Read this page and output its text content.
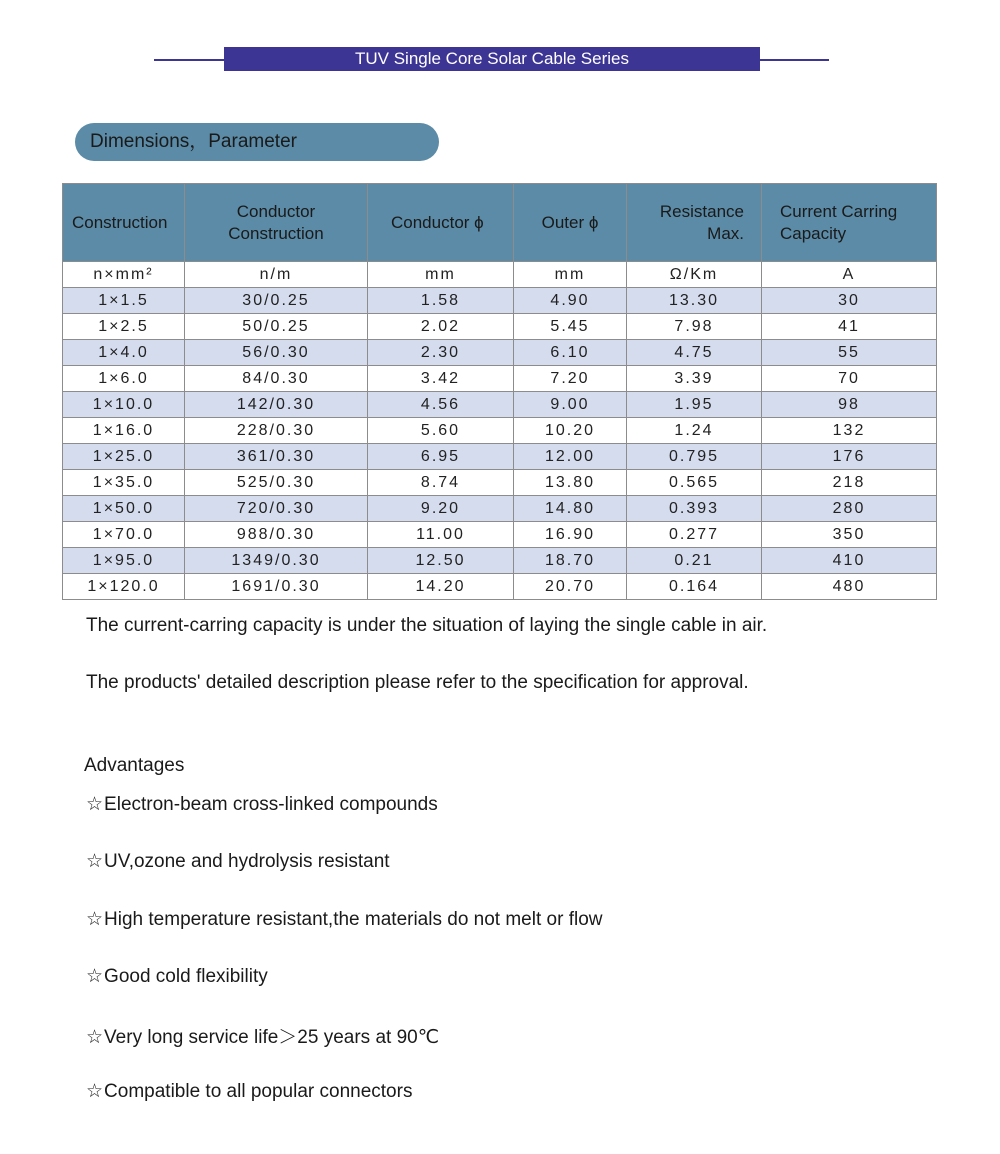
TUV Single Core Solar Cable Series
Dimensions，Parameter
Construction	Conductor Construction	Conductor ϕ	Outer ϕ	Resistance Max.	Current Carring Capacity
n×mm²	n/m	mm	mm	Ω/Km	A
1×1.5	30/0.25	1.58	4.90	13.30	30
1×2.5	50/0.25	2.02	5.45	7.98	41
1×4.0	56/0.30	2.30	6.10	4.75	55
1×6.0	84/0.30	3.42	7.20	3.39	70
1×10.0	142/0.30	4.56	9.00	1.95	98
1×16.0	228/0.30	5.60	10.20	1.24	132
1×25.0	361/0.30	6.95	12.00	0.795	176
1×35.0	525/0.30	8.74	13.80	0.565	218
1×50.0	720/0.30	9.20	14.80	0.393	280
1×70.0	988/0.30	11.00	16.90	0.277	350
1×95.0	1349/0.30	12.50	18.70	0.21	410
1×120.0	1691/0.30	14.20	20.70	0.164	480
The current-carring capacity is under the situation of laying the single cable in air.
The products' detailed description please refer to the specification for approval.
Advantages
☆Electron-beam cross-linked compounds
☆UV,ozone and hydrolysis resistant
☆High temperature resistant,the materials do not melt or flow
☆Good cold flexibility
☆Very long service life＞25 years at 90℃
☆Compatible to all popular connectors
